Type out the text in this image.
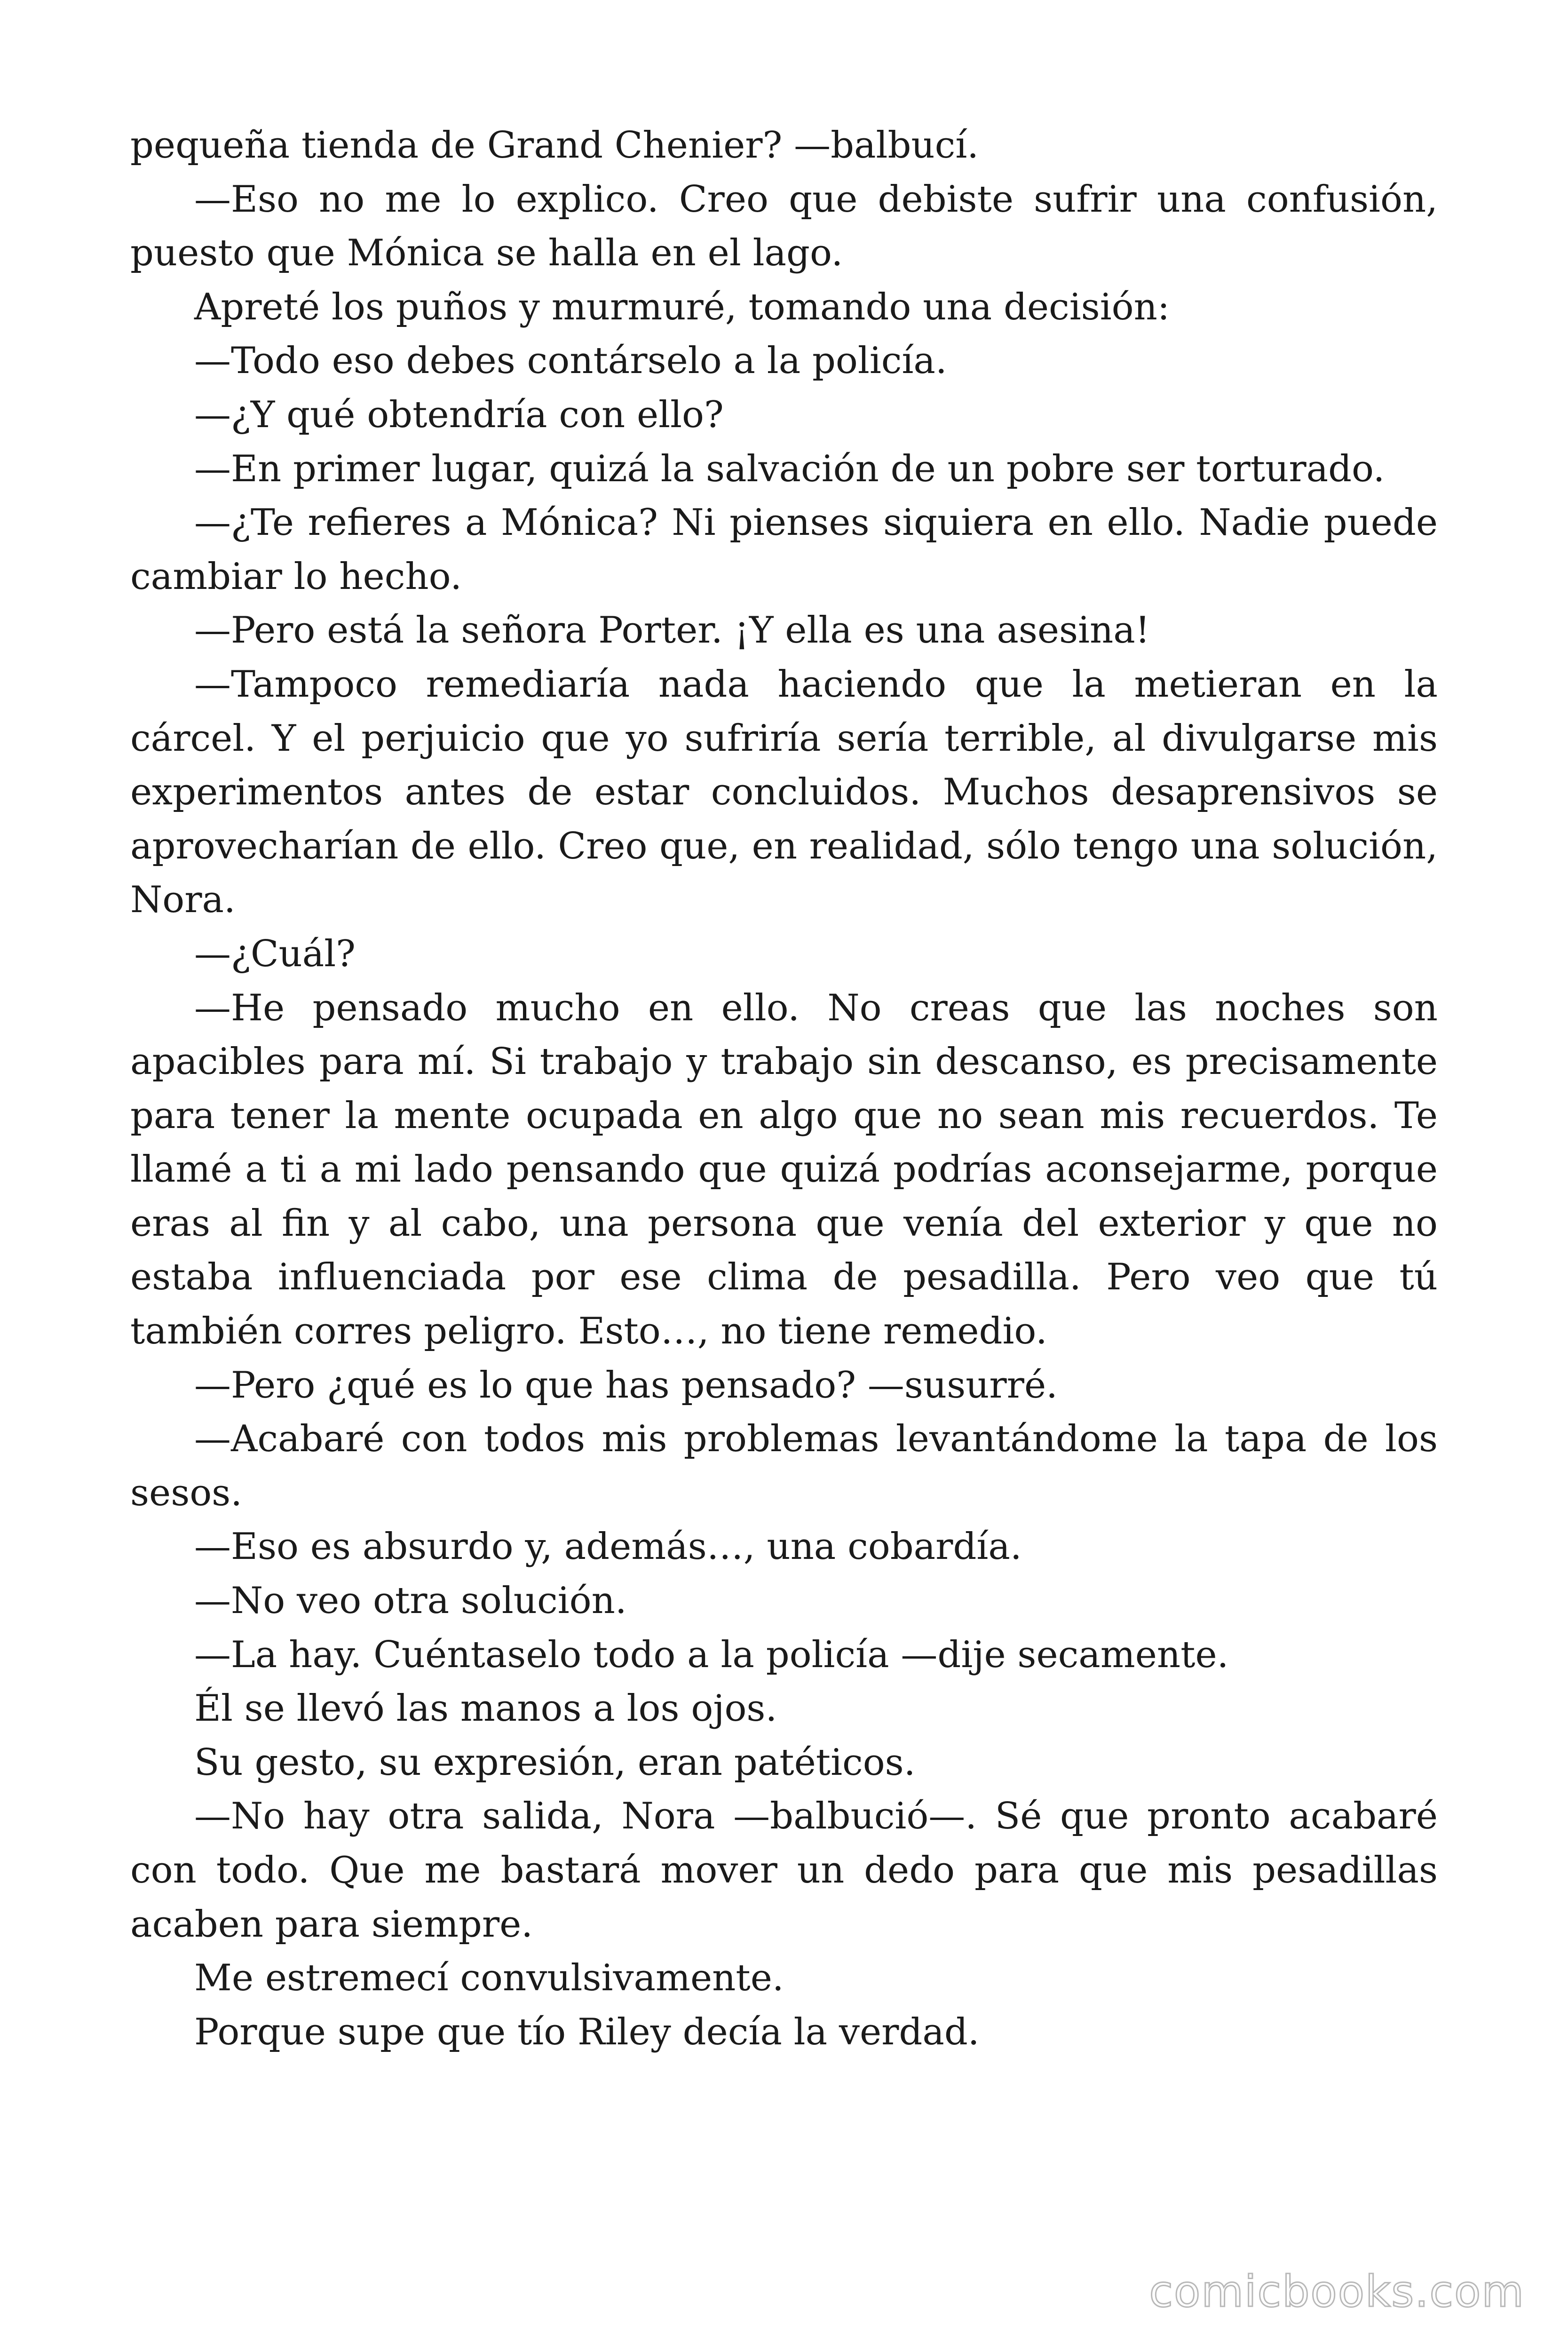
pequeña tienda de Grand Chenier? —balbucí.

—Eso no me lo explico. Creo que debiste sufrir una confusión, puesto que Mónica se halla en el lago.

Apreté los puños y murmuré, tomando una decisión:

—Todo eso debes contárselo a la policía.

—¿Y qué obtendría con ello?

—En primer lugar, quizá la salvación de un pobre ser torturado.

—¿Te refieres a Mónica? Ni pienses siquiera en ello. Nadie puede cambiar lo hecho.

—Pero está la señora Porter. ¡Y ella es una asesina!

—Tampoco remediaría nada haciendo que la metieran en la cárcel. Y el perjuicio que yo sufriría sería terrible, al divulgarse mis experimentos antes de estar concluidos. Muchos desaprensivos se aprovecharían de ello. Creo que, en realidad, sólo tengo una solución, Nora.

—¿Cuál?

—He pensado mucho en ello. No creas que las noches son apacibles para mí. Si trabajo y trabajo sin descanso, es precisamente para tener la mente ocupada en algo que no sean mis recuerdos. Te llamé a ti a mi lado pensando que quizá podrías aconsejarme, porque eras al fin y al cabo, una persona que venía del exterior y que no estaba influenciada por ese clima de pesadilla. Pero veo que tú también corres peligro. Esto…, no tiene remedio.

—Pero ¿qué es lo que has pensado? —susurré.

—Acabaré con todos mis problemas levantándome la tapa de los sesos.

—Eso es absurdo y, además…, una cobardía.

—No veo otra solución.

—La hay. Cuéntaselo todo a la policía —dije secamente.

Él se llevó las manos a los ojos.

Su gesto, su expresión, eran patéticos.

—No hay otra salida, Nora —balbució—. Sé que pronto acabaré con todo. Que me bastará mover un dedo para que mis pesadillas acaben para siempre.

Me estremecí convulsivamente.

Porque supe que tío Riley decía la verdad.

comicbooks.com
